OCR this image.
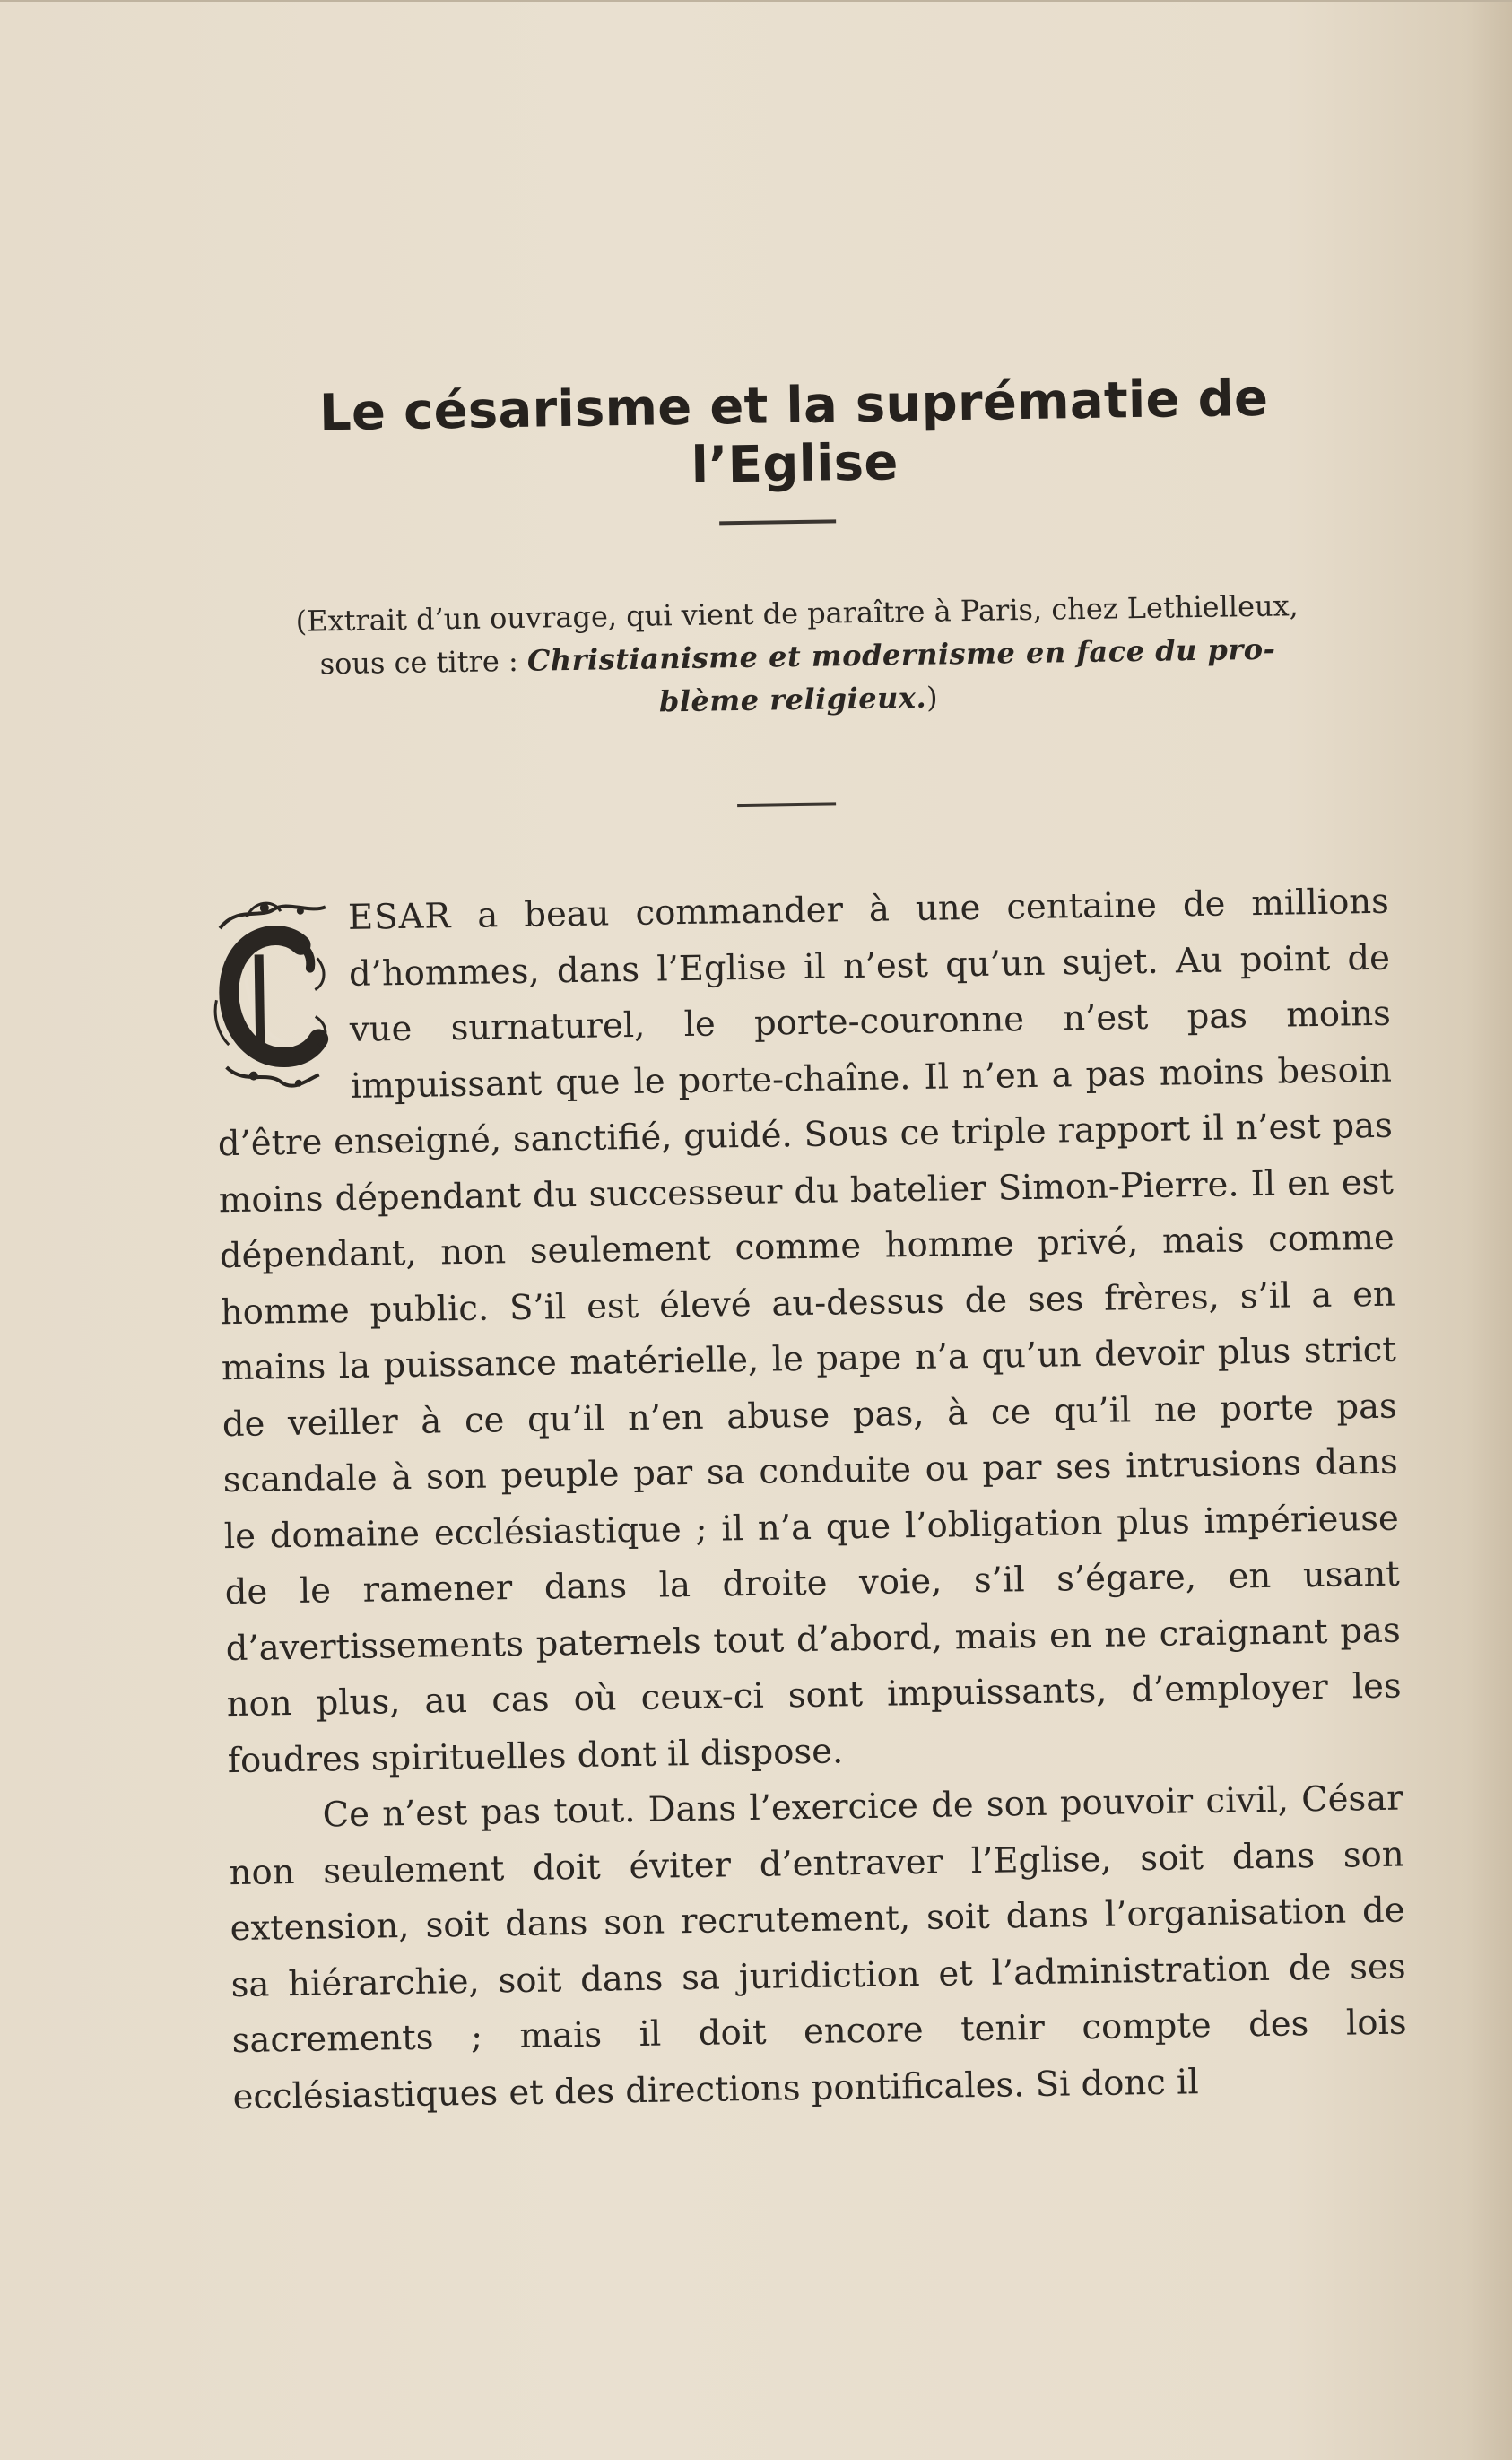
Le césarisme et la suprématie de l’Eglise
(Extrait d’un ouvrage, qui vient de paraître à Paris, chez Lethielleux,
sous ce titre : Christianisme et modernisme en face du pro-
blème religieux.)

ESAR a beau commander à une centaine de millions d’hommes, dans l’Eglise il n’est qu’un sujet. Au point de vue surnaturel, le porte-couronne n’est pas moins impuissant que le porte-chaîne. Il n’en a pas moins besoin d’être enseigné, sanctifié, guidé. Sous ce triple rapport il n’est pas moins dépendant du successeur du batelier Simon-Pierre. Il en est dépendant, non seulement comme homme privé, mais comme homme public. S’il est élevé au-dessus de ses frères, s’il a en mains la puissance matérielle, le pape n’a qu’un devoir plus strict de veiller à ce qu’il n’en abuse pas, à ce qu’il ne porte pas scandale à son peuple par sa conduite ou par ses intrusions dans le domaine ecclésiastique ; il n’a que l’obligation plus impérieuse de le ramener dans la droite voie, s’il s’égare, en usant d’avertissements paternels tout d’abord, mais en ne craignant pas non plus, au cas où ceux-ci sont impuissants, d’employer les foudres spirituelles dont il dispose.

Ce n’est pas tout. Dans l’exercice de son pouvoir civil, César non seulement doit éviter d’entraver l’Eglise, soit dans son extension, soit dans son recrutement, soit dans l’organisation de sa hiérarchie, soit dans sa juridiction et l’administration de ses sacrements ; mais il doit encore tenir compte des lois ecclésiastiques et des directions pontificales. Si donc il
